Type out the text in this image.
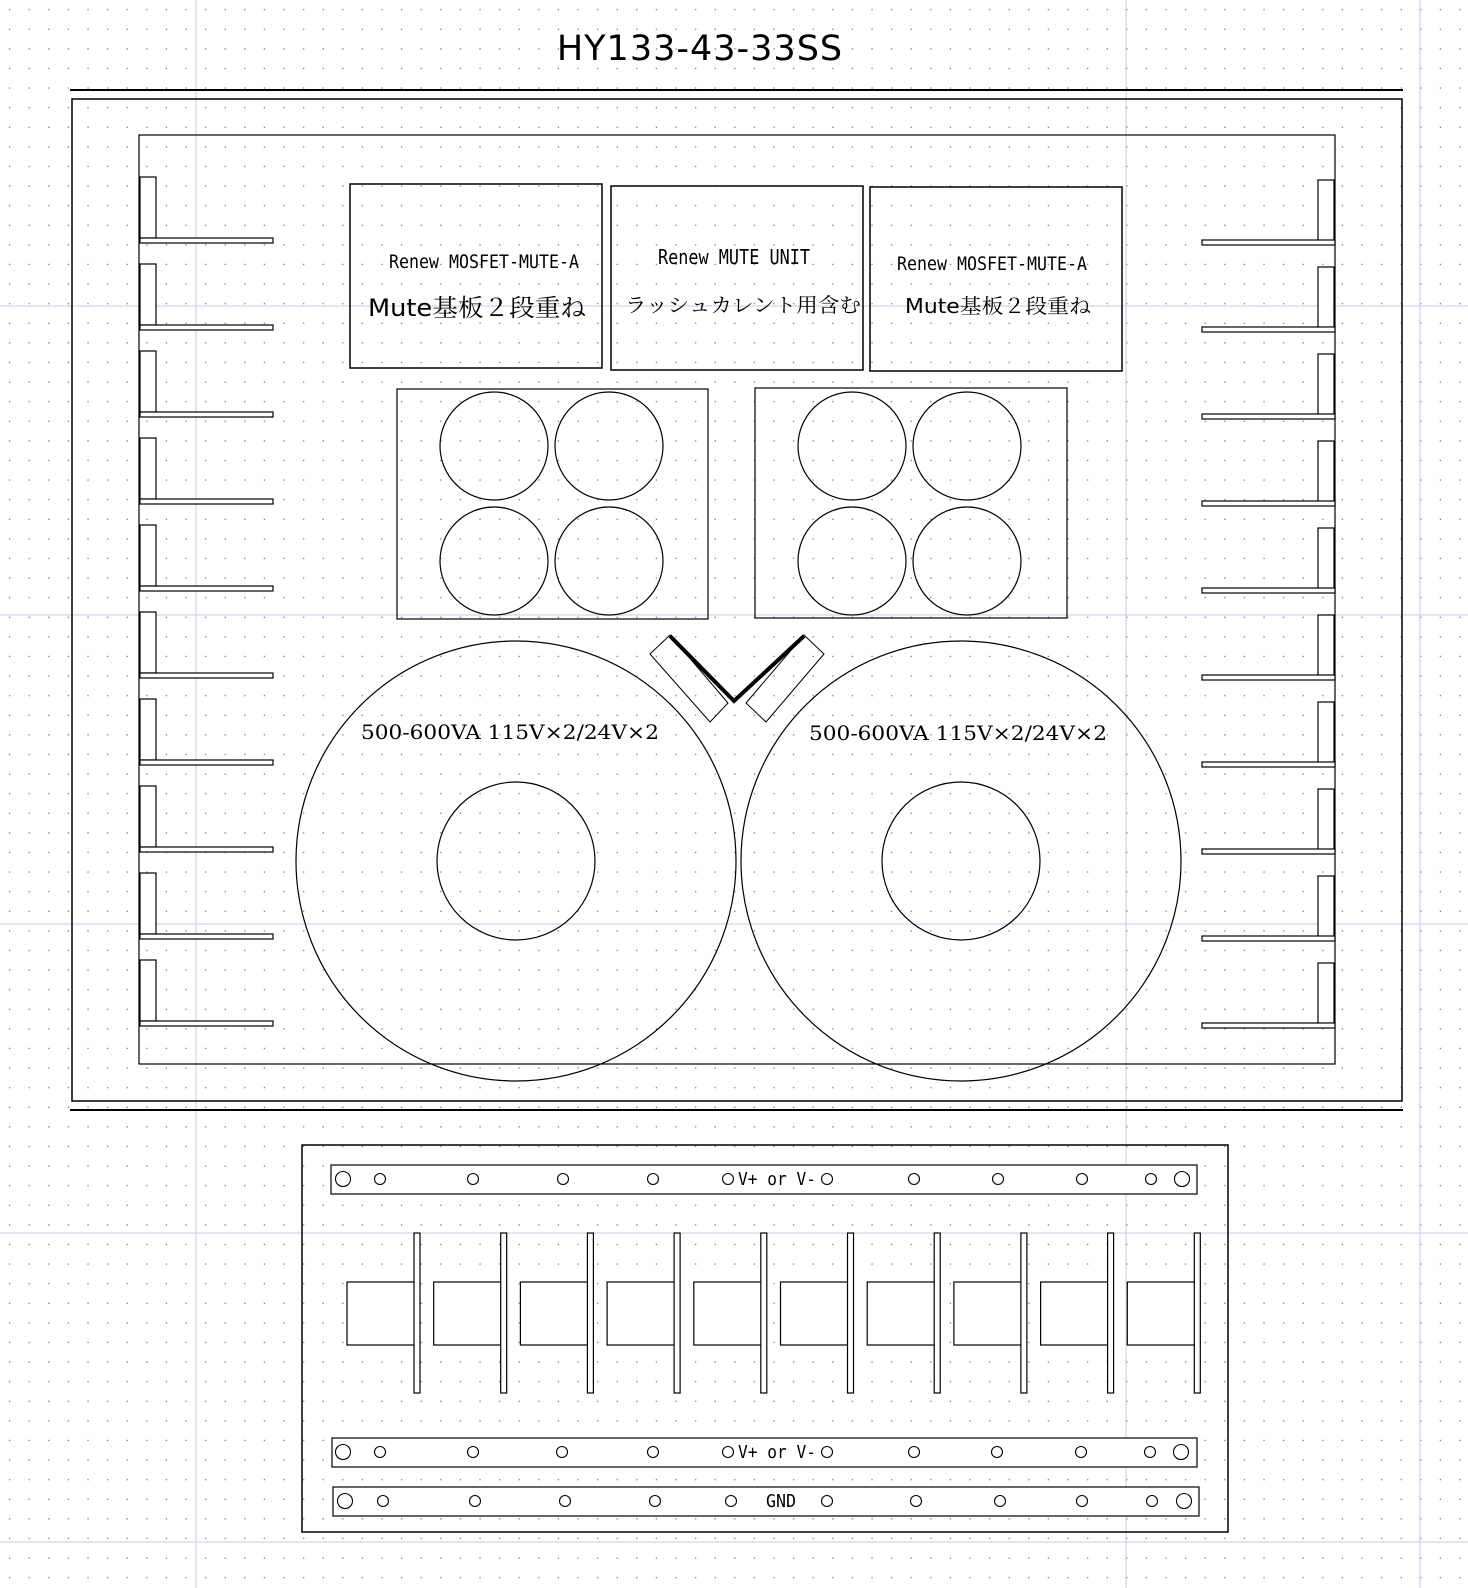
HY133-43-33SS
Renew MOSFET-MUTE-A
Mute基板２段重ね
Renew MUTE UNIT
ラッシュカレント用含む
Renew MOSFET-MUTE-A
Mute基板２段重ね
500-600VA 115V×2/24V×2	500-600VA 115V×2/24V×2
V+ or V-
V+ or V-
GND
